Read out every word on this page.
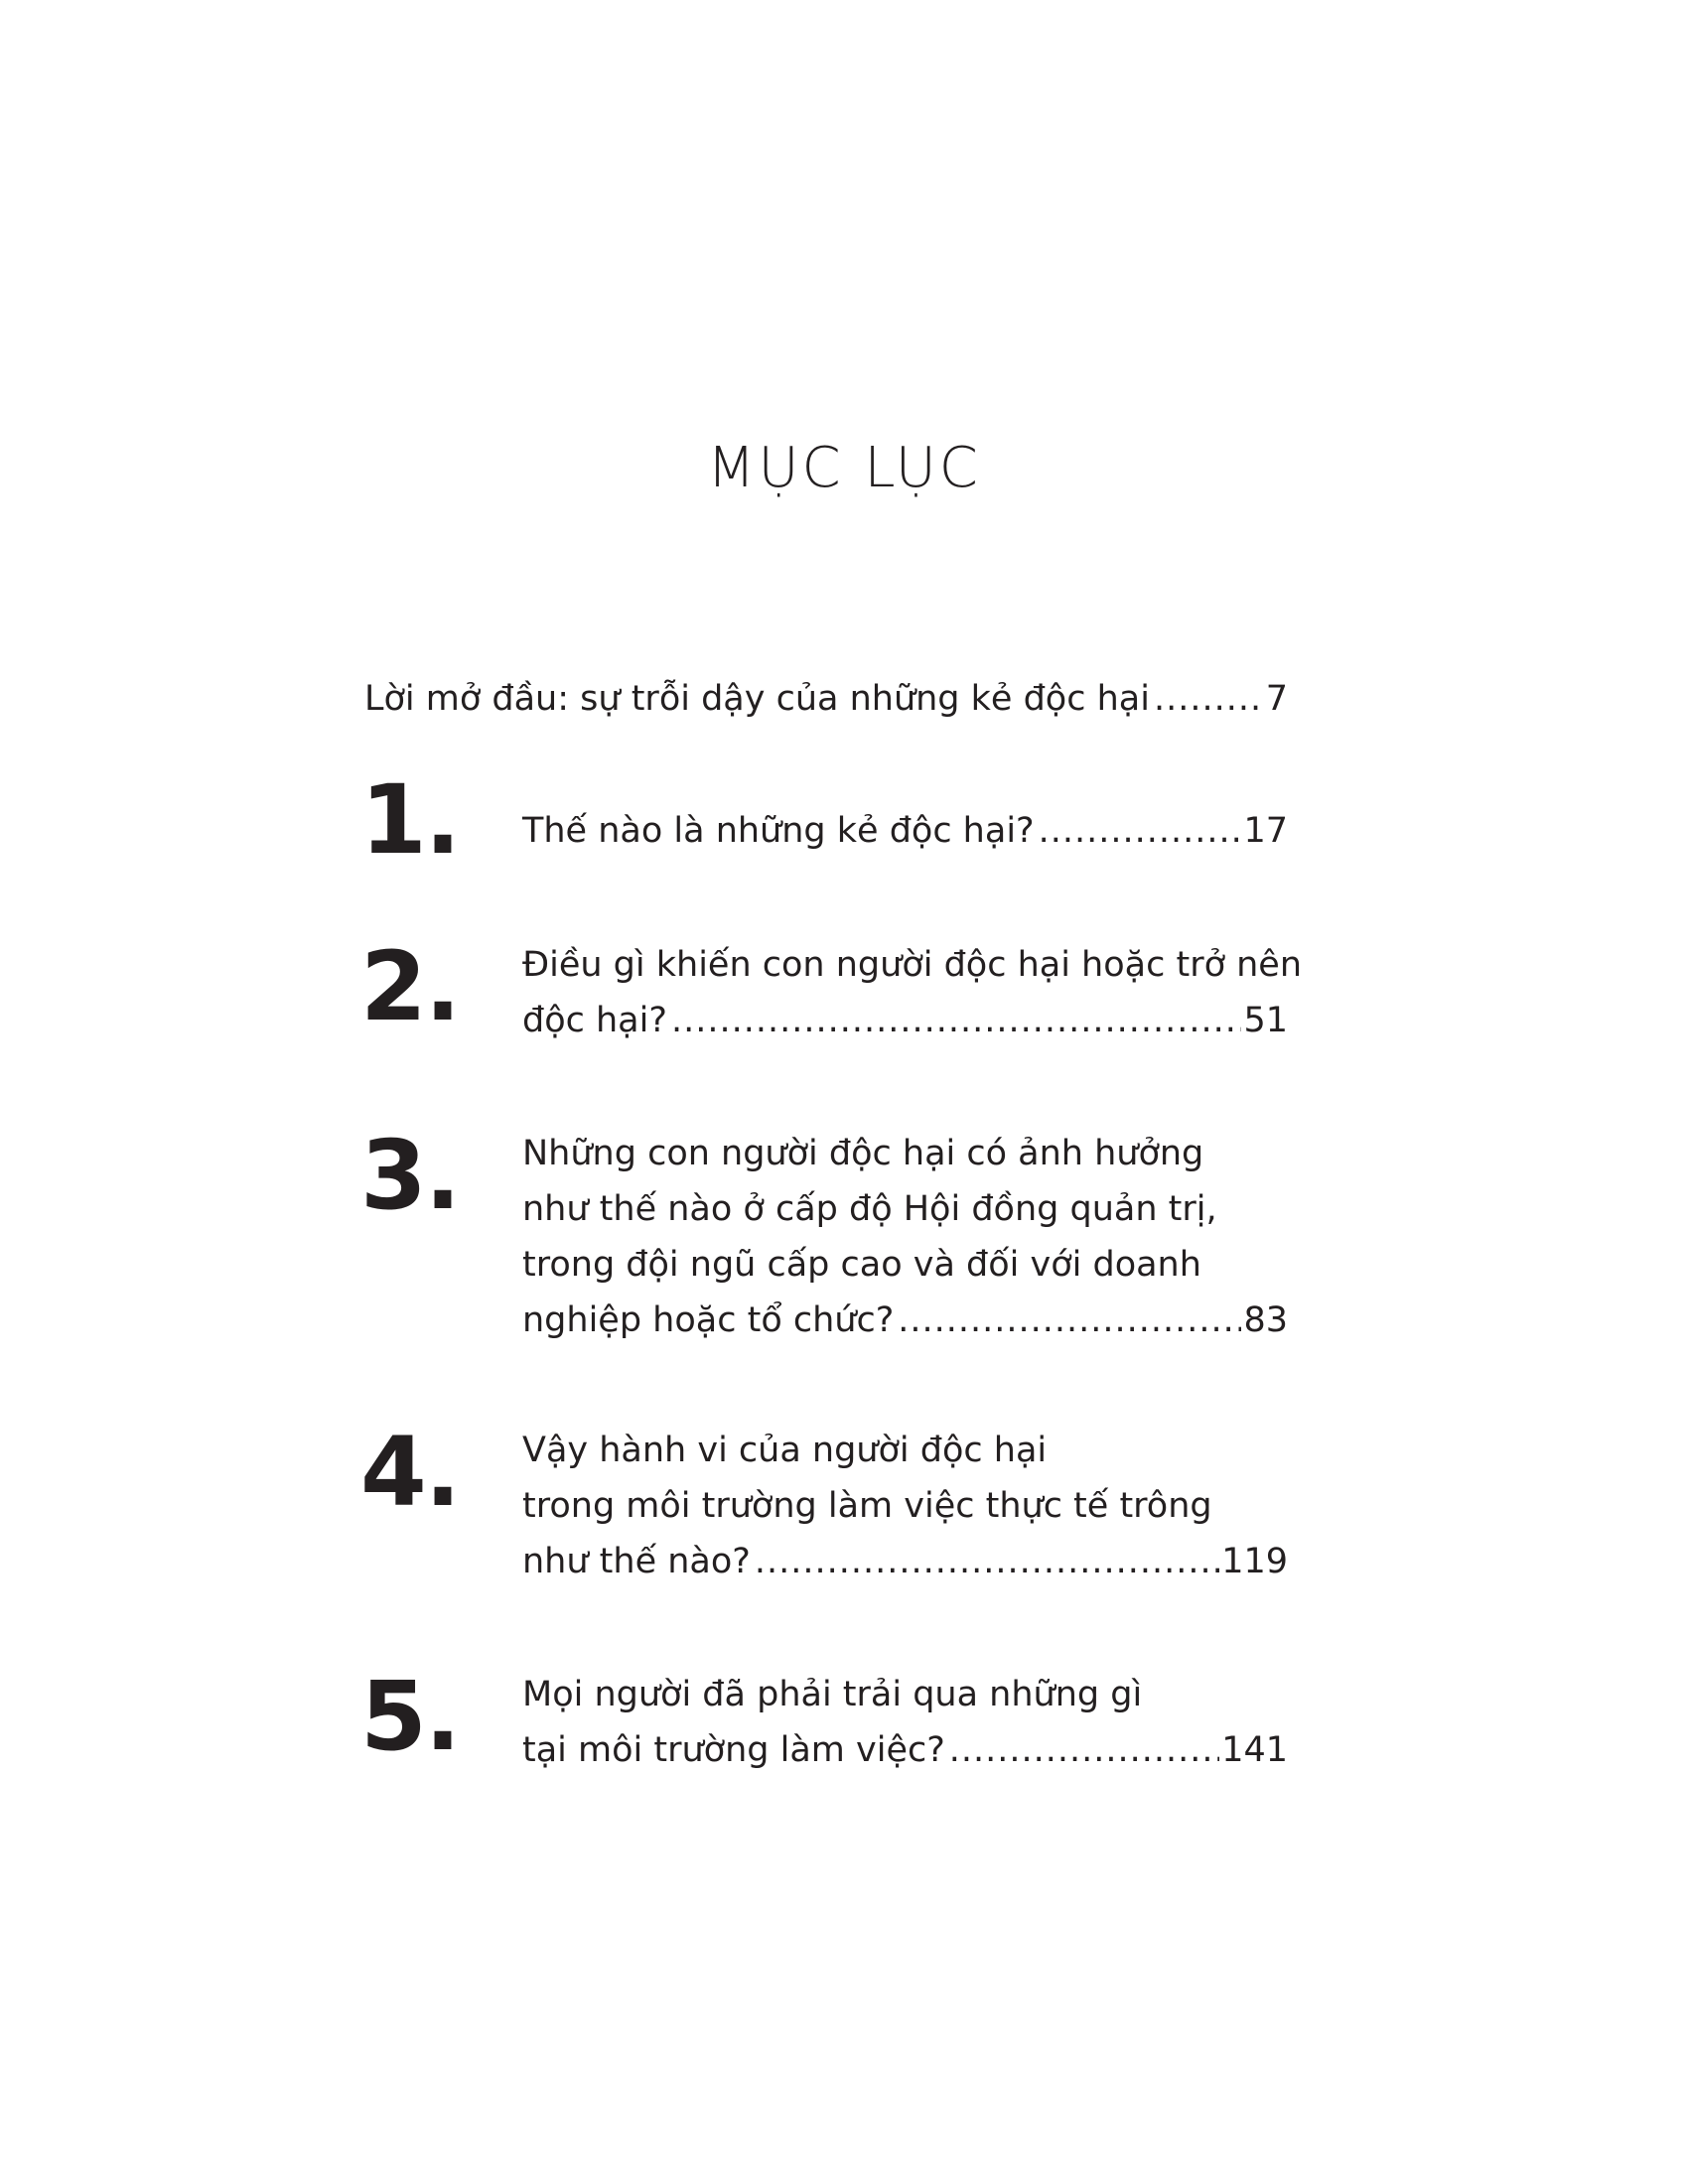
MỤC LỤC
Lời mở đầu: sự trỗi dậy của những kẻ độc hại .....	7
1. Thế nào là những kẻ độc hại? .....	17
2. Điều gì khiến con người độc hại hoặc trở nên
độc hại? .....	51
3. Những con người độc hại có ảnh hưởng
như thế nào ở cấp độ Hội đồng quản trị,
trong đội ngũ cấp cao và đối với doanh
nghiệp hoặc tổ chức? .....	83
4. Vậy hành vi của người độc hại
trong môi trường làm việc thực tế trông
như thế nào? .....	119
5. Mọi người đã phải trải qua những gì
tại môi trường làm việc? .....	141
